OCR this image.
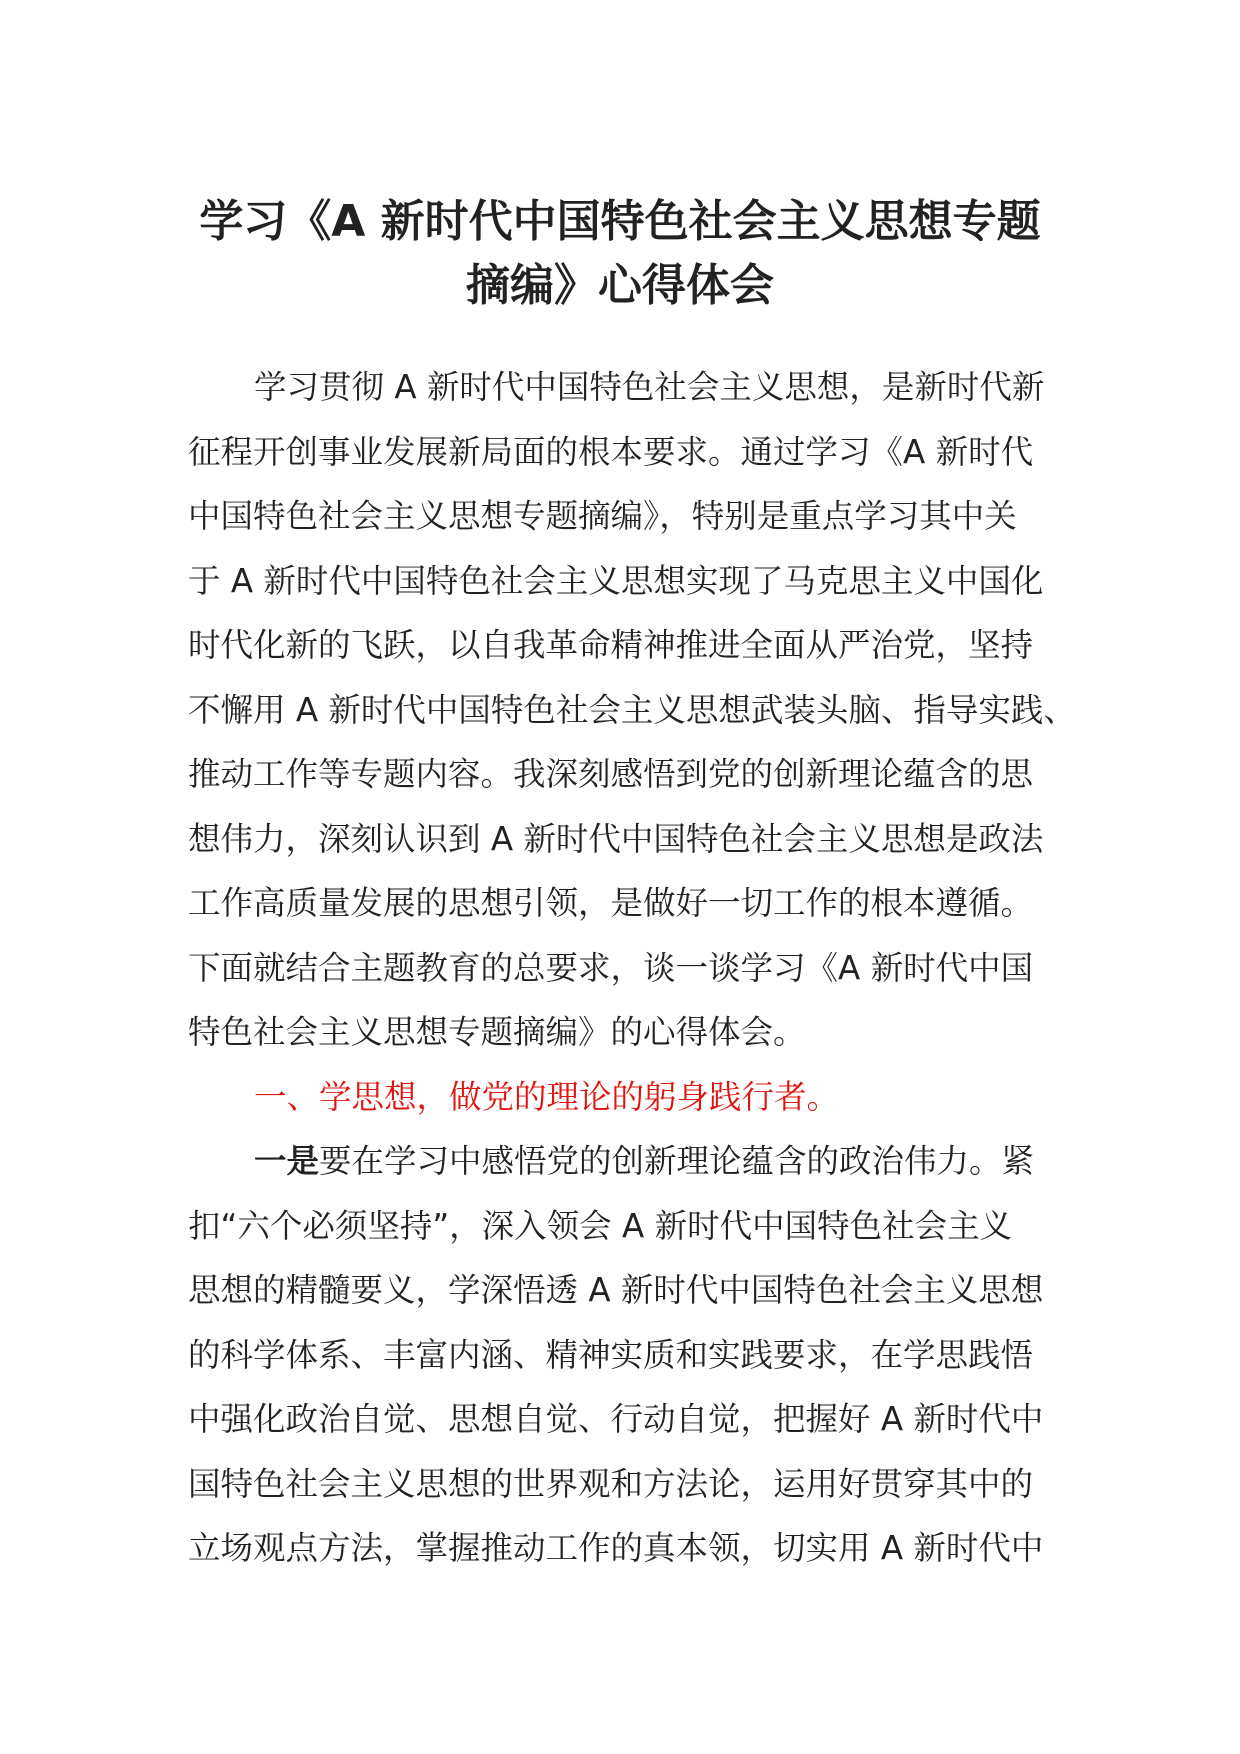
学习《A 新时代中国特色社会主义思想专题
摘编》心得体会
学习贯彻 A 新时代中国特色社会主义思想，是新时代新
征程开创事业发展新局面的根本要求。通过学习《A 新时代
中国特色社会主义思想专题摘编》，特别是重点学习其中关
于 A 新时代中国特色社会主义思想实现了马克思主义中国化
时代化新的飞跃，以自我革命精神推进全面从严治党，坚持
不懈用 A 新时代中国特色社会主义思想武装头脑、指导实践、
推动工作等专题内容。我深刻感悟到党的创新理论蕴含的思
想伟力，深刻认识到 A 新时代中国特色社会主义思想是政法
工作高质量发展的思想引领，是做好一切工作的根本遵循。
下面就结合主题教育的总要求，谈一谈学习《A 新时代中国
特色社会主义思想专题摘编》的心得体会。
一、学思想，做党的理论的躬身践行者。
一是要在学习中感悟党的创新理论蕴含的政治伟力。紧
扣“六个必须坚持”，深入领会 A 新时代中国特色社会主义
思想的精髓要义，学深悟透 A 新时代中国特色社会主义思想
的科学体系、丰富内涵、精神实质和实践要求，在学思践悟
中强化政治自觉、思想自觉、行动自觉，把握好 A 新时代中
国特色社会主义思想的世界观和方法论，运用好贯穿其中的
立场观点方法，掌握推动工作的真本领，切实用 A 新时代中
